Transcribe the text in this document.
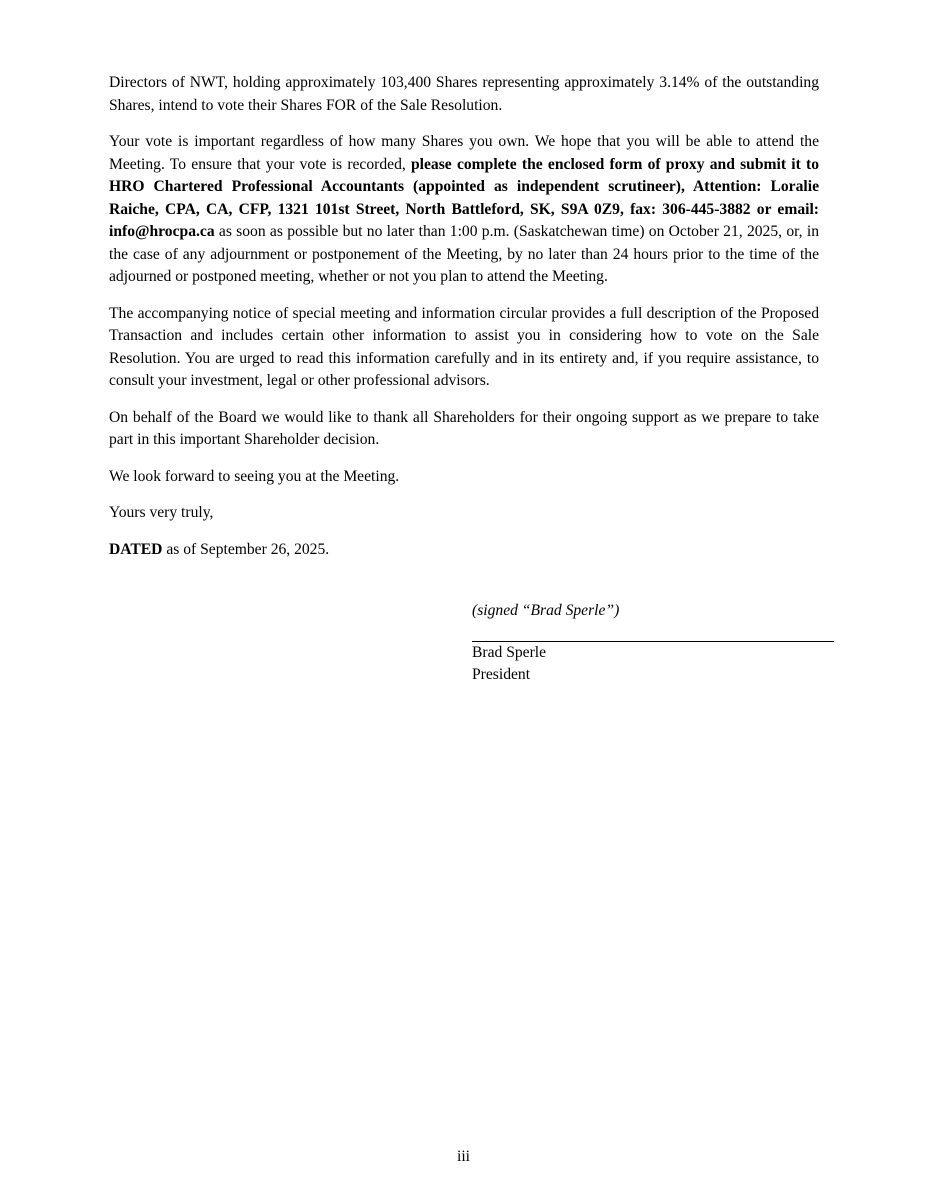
Directors of NWT, holding approximately 103,400 Shares representing approximately 3.14% of the outstanding Shares, intend to vote their Shares FOR of the Sale Resolution.

Your vote is important regardless of how many Shares you own. We hope that you will be able to attend the Meeting. To ensure that your vote is recorded, please complete the enclosed form of proxy and submit it to HRO Chartered Professional Accountants (appointed as independent scrutineer), Attention: Loralie Raiche, CPA, CA, CFP, 1321 101st Street, North Battleford, SK, S9A 0Z9, fax: 306-445-3882 or email: info@hrocpa.ca as soon as possible but no later than 1:00 p.m. (Saskatchewan time) on October 21, 2025, or, in the case of any adjournment or postponement of the Meeting, by no later than 24 hours prior to the time of the adjourned or postponed meeting, whether or not you plan to attend the Meeting.

The accompanying notice of special meeting and information circular provides a full description of the Proposed Transaction and includes certain other information to assist you in considering how to vote on the Sale Resolution. You are urged to read this information carefully and in its entirety and, if you require assistance, to consult your investment, legal or other professional advisors.

On behalf of the Board we would like to thank all Shareholders for their ongoing support as we prepare to take part in this important Shareholder decision.

We look forward to seeing you at the Meeting.

Yours very truly,

DATED as of September 26, 2025.

(signed “Brad Sperle”)
Brad Sperle
President
iii
